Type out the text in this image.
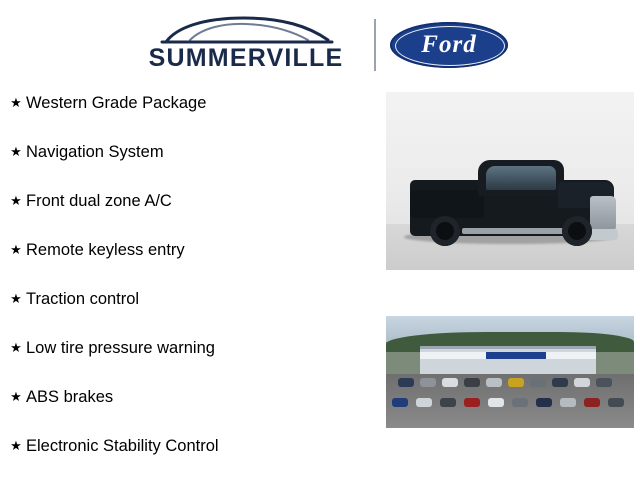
SUMMERVILLE	Ford
★ Western Grade Package
★ Navigation System
★ Front dual zone A/C
★ Remote keyless entry
★ Traction control
★ Low tire pressure warning
★ ABS brakes
★ Electronic Stability Control
